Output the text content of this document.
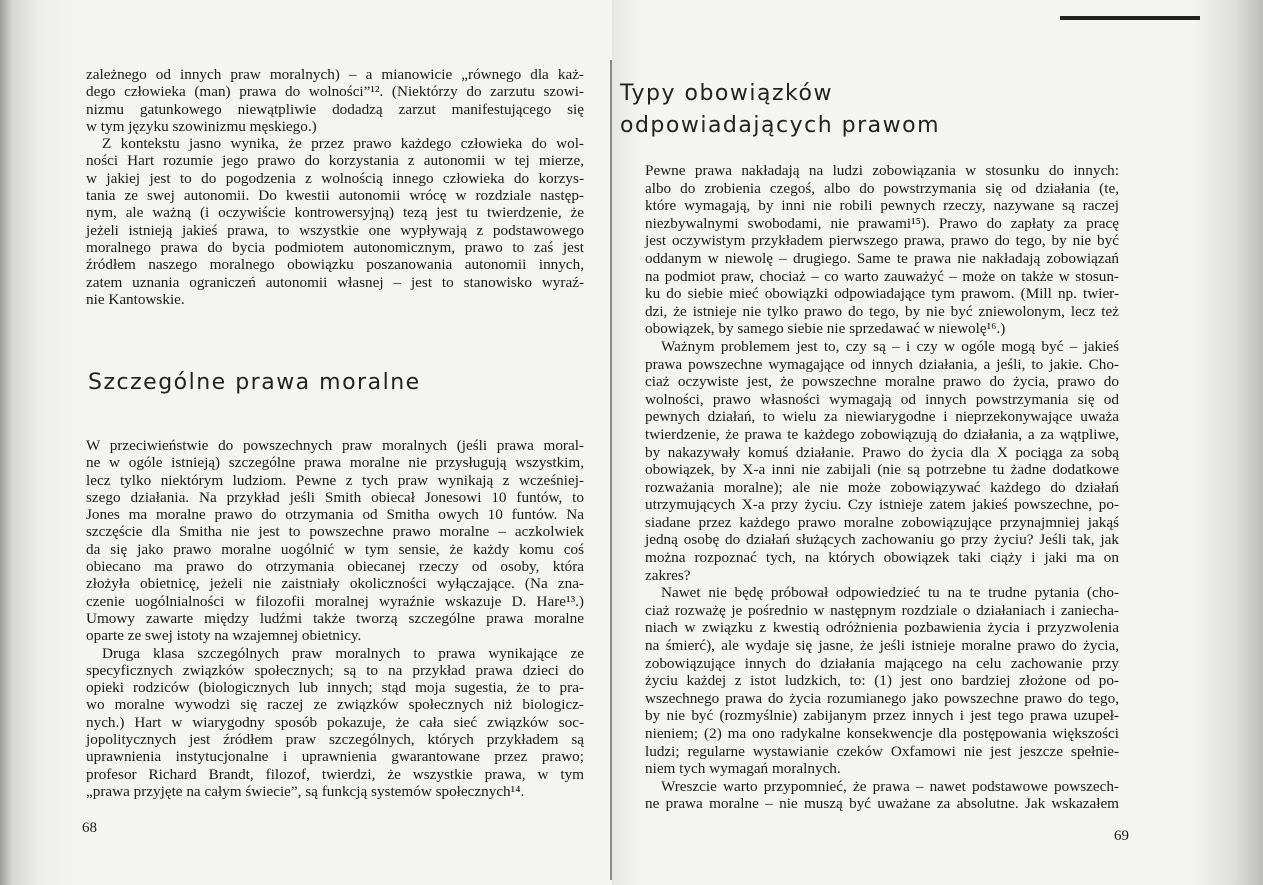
zależnego od innych praw moralnych) – a mianowicie „równego dla każ-
dego człowieka (man) prawa do wolności”¹². (Niektórzy do zarzutu szowi-
nizmu gatunkowego niewątpliwie dodadzą zarzut manifestującego się
w tym języku szowinizmu męskiego.)
Z kontekstu jasno wynika, że przez prawo każdego człowieka do wol-
ności Hart rozumie jego prawo do korzystania z autonomii w tej mierze,
w jakiej jest to do pogodzenia z wolnością innego człowieka do korzys-
tania ze swej autonomii. Do kwestii autonomii wrócę w rozdziale następ-
nym, ale ważną (i oczywiście kontrowersyjną) tezą jest tu twierdzenie, że
jeżeli istnieją jakieś prawa, to wszystkie one wypływają z podstawowego
moralnego prawa do bycia podmiotem autonomicznym, prawo to zaś jest
źródłem naszego moralnego obowiązku poszanowania autonomii innych,
zatem uznania ograniczeń autonomii własnej – jest to stanowisko wyraź-
nie Kantowskie.
Szczególne prawa moralne
W przeciwieństwie do powszechnych praw moralnych (jeśli prawa moral-
ne w ogóle istnieją) szczególne prawa moralne nie przysługują wszystkim,
lecz tylko niektórym ludziom. Pewne z tych praw wynikają z wcześniej-
szego działania. Na przykład jeśli Smith obiecał Jonesowi 10 funtów, to
Jones ma moralne prawo do otrzymania od Smitha owych 10 funtów. Na
szczęście dla Smitha nie jest to powszechne prawo moralne – aczkolwiek
da się jako prawo moralne uogólnić w tym sensie, że każdy komu coś
obiecano ma prawo do otrzymania obiecanej rzeczy od osoby, która
złożyła obietnicę, jeżeli nie zaistniały okoliczności wyłączające. (Na zna-
czenie uogólnialności w filozofii moralnej wyraźnie wskazuje D. Hare¹³.)
Umowy zawarte między ludźmi także tworzą szczególne prawa moralne
oparte ze swej istoty na wzajemnej obietnicy.
Druga klasa szczególnych praw moralnych to prawa wynikające ze
specyficznych związków społecznych; są to na przykład prawa dzieci do
opieki rodziców (biologicznych lub innych; stąd moja sugestia, że to pra-
wo moralne wywodzi się raczej ze związków społecznych niż biologicz-
nych.) Hart w wiarygodny sposób pokazuje, że cała sieć związków soc-
jopolitycznych jest źródłem praw szczególnych, których przykładem są
uprawnienia instytucjonalne i uprawnienia gwarantowane przez prawo;
profesor Richard Brandt, filozof, twierdzi, że wszystkie prawa, w tym
„prawa przyjęte na całym świecie”, są funkcją systemów społecznych¹⁴.
68
Typy obowiązków
odpowiadających prawom
Pewne prawa nakładają na ludzi zobowiązania w stosunku do innych:
albo do zrobienia czegoś, albo do powstrzymania się od działania (te,
które wymagają, by inni nie robili pewnych rzeczy, nazywane są raczej
niezbywalnymi swobodami, nie prawami¹⁵). Prawo do zapłaty za pracę
jest oczywistym przykładem pierwszego prawa, prawo do tego, by nie być
oddanym w niewolę – drugiego. Same te prawa nie nakładają zobowiązań
na podmiot praw, chociaż – co warto zauważyć – może on także w stosun-
ku do siebie mieć obowiązki odpowiadające tym prawom. (Mill np. twier-
dzi, że istnieje nie tylko prawo do tego, by nie być zniewolonym, lecz też
obowiązek, by samego siebie nie sprzedawać w niewolę¹⁶.)
Ważnym problemem jest to, czy są – i czy w ogóle mogą być – jakieś
prawa powszechne wymagające od innych działania, a jeśli, to jakie. Cho-
ciaż oczywiste jest, że powszechne moralne prawo do życia, prawo do
wolności, prawo własności wymagają od innych powstrzymania się od
pewnych działań, to wielu za niewiarygodne i nieprzekonywające uważa
twierdzenie, że prawa te każdego zobowiązują do działania, a za wątpliwe,
by nakazywały komuś działanie. Prawo do życia dla X pociąga za sobą
obowiązek, by X-a inni nie zabijali (nie są potrzebne tu żadne dodatkowe
rozważania moralne); ale nie może zobowiązywać każdego do działań
utrzymujących X-a przy życiu. Czy istnieje zatem jakieś powszechne, po-
siadane przez każdego prawo moralne zobowiązujące przynajmniej jakąś
jedną osobę do działań służących zachowaniu go przy życiu? Jeśli tak, jak
można rozpoznać tych, na których obowiązek taki ciąży i jaki ma on
zakres?
Nawet nie będę próbował odpowiedzieć tu na te trudne pytania (cho-
ciaż rozważę je pośrednio w następnym rozdziale o działaniach i zaniecha-
niach w związku z kwestią odróżnienia pozbawienia życia i przyzwolenia
na śmierć), ale wydaje się jasne, że jeśli istnieje moralne prawo do życia,
zobowiązujące innych do działania mającego na celu zachowanie przy
życiu każdej z istot ludzkich, to: (1) jest ono bardziej złożone od po-
wszechnego prawa do życia rozumianego jako powszechne prawo do tego,
by nie być (rozmyślnie) zabijanym przez innych i jest tego prawa uzupeł-
nieniem; (2) ma ono radykalne konsekwencje dla postępowania większości
ludzi; regularne wystawianie czeków Oxfamowi nie jest jeszcze spełnie-
niem tych wymagań moralnych.
Wreszcie warto przypomnieć, że prawa – nawet podstawowe powszech-
ne prawa moralne – nie muszą być uważane za absolutne. Jak wskazałem
69
